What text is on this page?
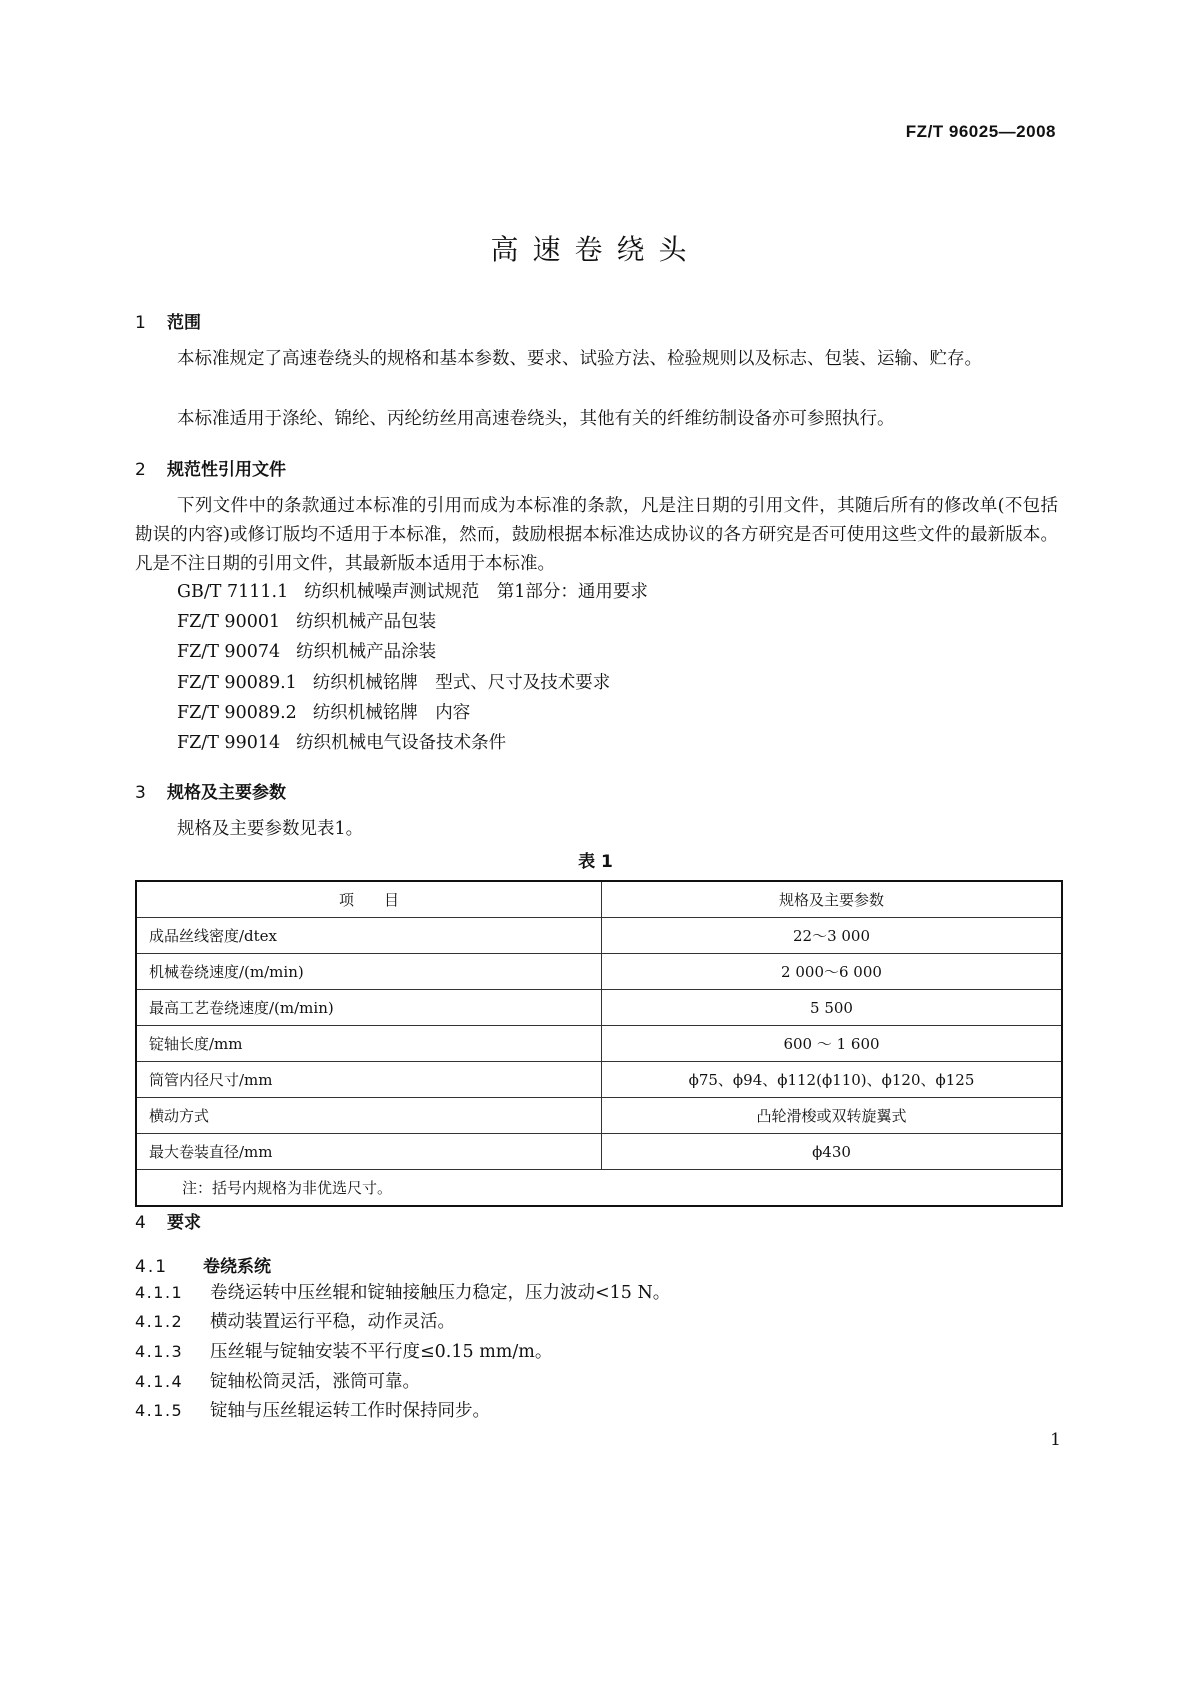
FZ/T 96025—2008
高速卷绕头
1 范围
本标准规定了高速卷绕头的规格和基本参数、要求、试验方法、检验规则以及标志、包装、运输、贮存。
本标准适用于涤纶、锦纶、丙纶纺丝用高速卷绕头，其他有关的纤维纺制设备亦可参照执行。
2 规范性引用文件
下列文件中的条款通过本标准的引用而成为本标准的条款，凡是注日期的引用文件，其随后所有的修改单(不包括勘误的内容)或修订版均不适用于本标准，然而，鼓励根据本标准达成协议的各方研究是否可使用这些文件的最新版本。凡是不注日期的引用文件，其最新版本适用于本标准。
GB/T 7111.1 纺织机械噪声测试规范　第1部分：通用要求
FZ/T 90001 纺织机械产品包装
FZ/T 90074 纺织机械产品涂装
FZ/T 90089.1 纺织机械铭牌　型式、尺寸及技术要求
FZ/T 90089.2 纺织机械铭牌　内容
FZ/T 99014 纺织机械电气设备技术条件
3 规格及主要参数
规格及主要参数见表1。
表 1
项　　目	规格及主要参数
成品丝线密度/dtex	22～3 000
机械卷绕速度/(m/min)	2 000～6 000
最高工艺卷绕速度/(m/min)	5 500
锭轴长度/mm	600 ～ 1 600
筒管内径尺寸/mm	ϕ75、ϕ94、ϕ112(ϕ110)、ϕ120、ϕ125
横动方式	凸轮滑梭或双转旋翼式
最大卷装直径/mm	ϕ430
注：括号内规格为非优选尺寸。	
4 要求
4.1 卷绕系统
4.1.1 卷绕运转中压丝辊和锭轴接触压力稳定，压力波动<15 N。
4.1.2 横动装置运行平稳，动作灵活。
4.1.3 压丝辊与锭轴安装不平行度≤0.15 mm/m。
4.1.4 锭轴松筒灵活，涨筒可靠。
4.1.5 锭轴与压丝辊运转工作时保持同步。
1
